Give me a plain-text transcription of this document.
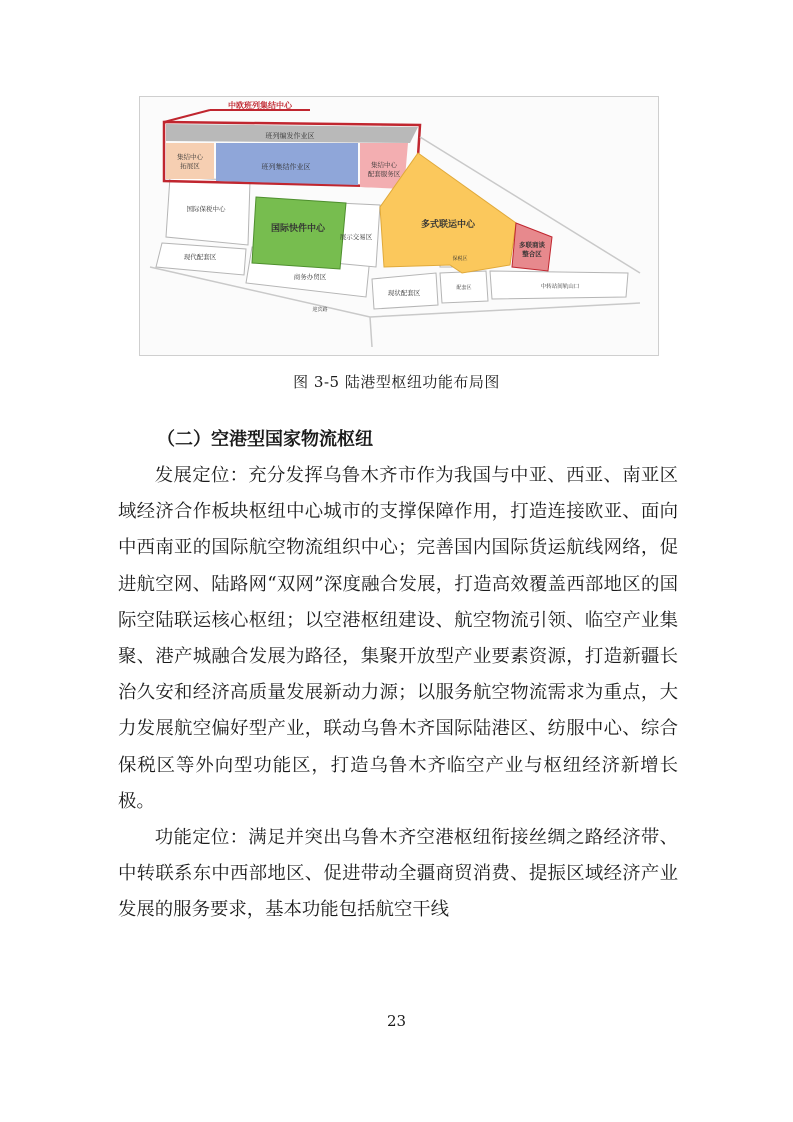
中欧班列集结中心
班列编发作业区
班列集结作业区
集结中心拓展区	集结中心配套服务区
国际快件中心	多式联运中心
多联商谈整合区
国际保税中心
现代配套区
商务办贸区
展示交易区
现状配套区
配套区
保税区
中转站间轨山口
迎宾路
图 3-5 陆港型枢纽功能布局图
（二）空港型国家物流枢纽

发展定位：充分发挥乌鲁木齐市作为我国与中亚、西亚、南亚区域经济合作板块枢纽中心城市的支撑保障作用，打造连接欧亚、面向中西南亚的国际航空物流组织中心；完善国内国际货运航线网络，促进航空网、陆路网“双网”深度融合发展，打造高效覆盖西部地区的国际空陆联运核心枢纽；以空港枢纽建设、航空物流引领、临空产业集聚、港产城融合发展为路径，集聚开放型产业要素资源，打造新疆长治久安和经济高质量发展新动力源；以服务航空物流需求为重点，大力发展航空偏好型产业，联动乌鲁木齐国际陆港区、纺服中心、综合保税区等外向型功能区，打造乌鲁木齐临空产业与枢纽经济新增长极。

功能定位：满足并突出乌鲁木齐空港枢纽衔接丝绸之路经济带、中转联系东中西部地区、促进带动全疆商贸消费、提振区域经济产业发展的服务要求，基本功能包括航空干线

23
